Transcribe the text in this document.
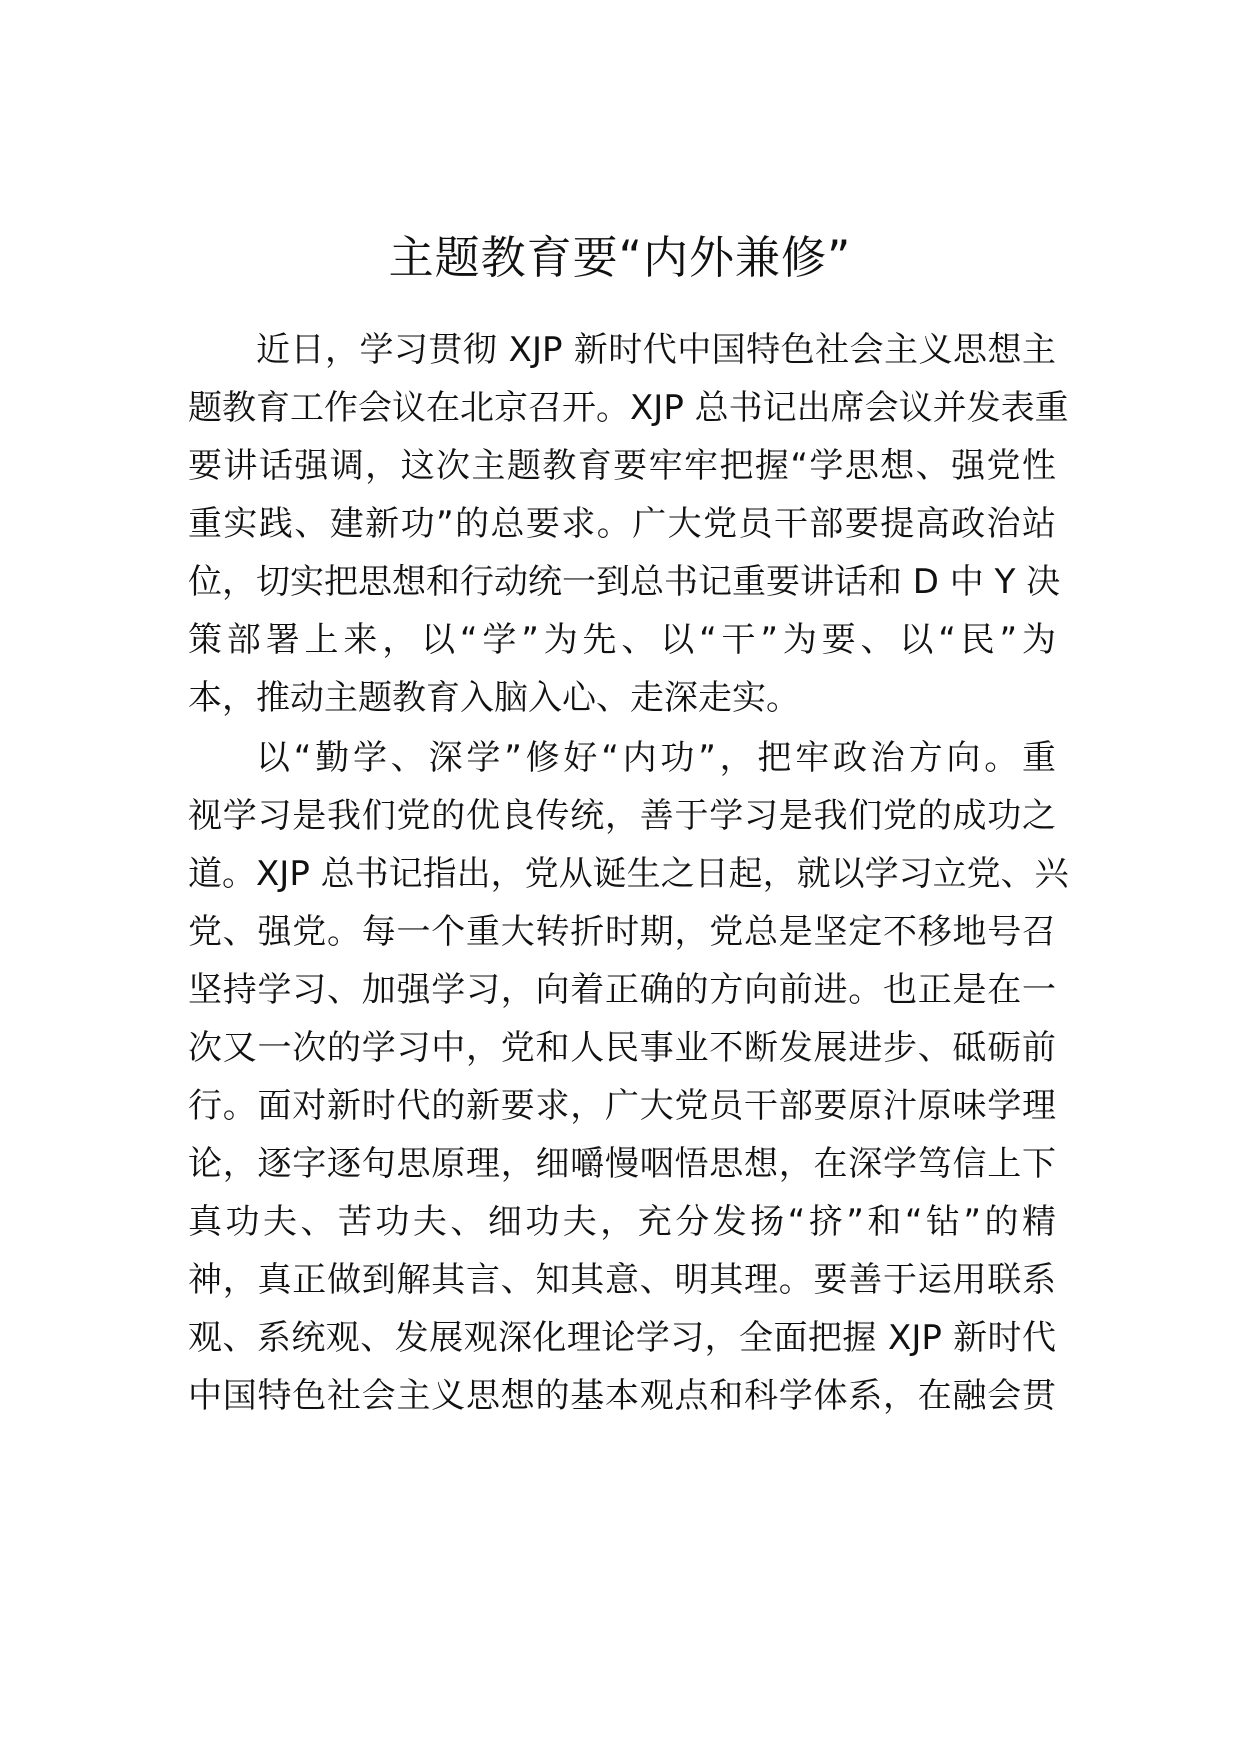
主题教育要“内外兼修”
近日，学习贯彻 XJP 新时代中国特色社会主义思想主
题教育工作会议在北京召开。XJP 总书记出席会议并发表重
要讲话强调，这次主题教育要牢牢把握“学思想、强党性
重实践、建新功”的总要求。广大党员干部要提高政治站
位，切实把思想和行动统一到总书记重要讲话和 D 中 Y 决
策部署上来，以“学”为先、以“干”为要、以“民”为
本，推动主题教育入脑入心、走深走实。
以“勤学、深学”修好“内功”，把牢政治方向。重
视学习是我们党的优良传统，善于学习是我们党的成功之
道。XJP 总书记指出，党从诞生之日起，就以学习立党、兴
党、强党。每一个重大转折时期，党总是坚定不移地号召
坚持学习、加强学习，向着正确的方向前进。也正是在一
次又一次的学习中，党和人民事业不断发展进步、砥砺前
行。面对新时代的新要求，广大党员干部要原汁原味学理
论，逐字逐句思原理，细嚼慢咽悟思想，在深学笃信上下
真功夫、苦功夫、细功夫，充分发扬“挤”和“钻”的精
神，真正做到解其言、知其意、明其理。要善于运用联系
观、系统观、发展观深化理论学习，全面把握 XJP 新时代
中国特色社会主义思想的基本观点和科学体系，在融会贯
